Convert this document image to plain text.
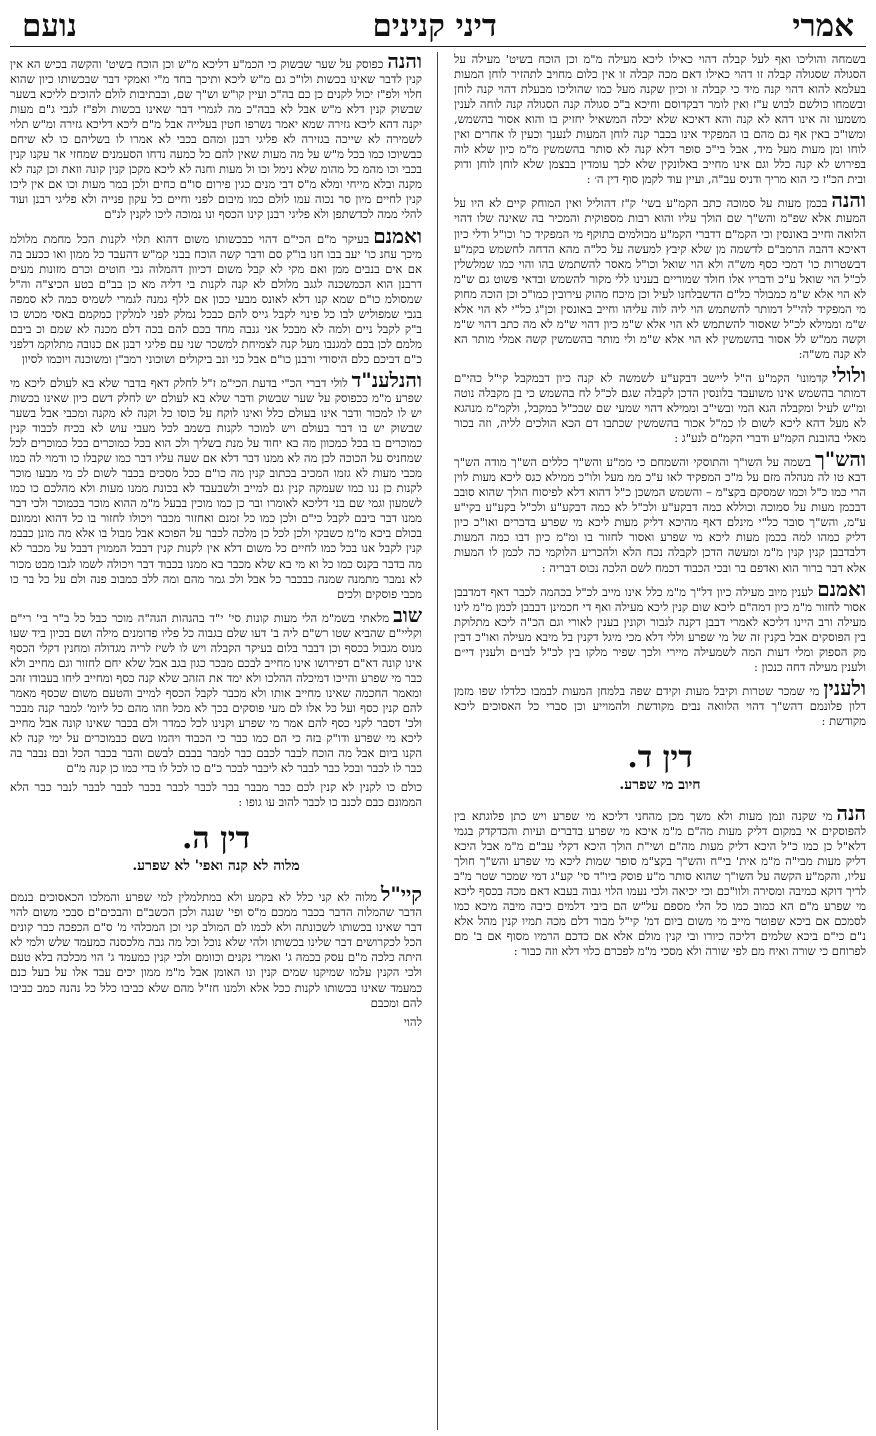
אמרי
דיני קנינים
נועם

בשמחה והוליכו ואף לעל קבלה דהוי כאילו ליכא מעילה מ"מ וכן הוכח בשיט' מעילה על הסגולה שסגולה קבלה זו דהוי כאילו דאם מכה קבלה זו אין כלום מחויב לתהזיר לוחן המעות בעלמא להוא דהוי קנה מיד כי קבלה זו וכיון שקנה מעל כמו שהוליכו מבעלת דהוי קנה לוחן ובשמחו כולשם לבוש ע"ז ואין לומר דבקדוסם וחיכא ב"כ סגולה קנה הסגולה קנה לוחה לענין משמעו זה אינו דהא לא קנה והא דאיכא שלא יכלה המשאיל יחזיק בו והוא אסור בהשמש, ומשו"כ באין אף גם מהם בו המפקיד אינו בכבר קנה לוחן המעות לנענך וכעין לו אחרים ואין לוחו ומן מעות מעל מיד, אבל בי"כ סופר דלא קנה לא סותר בהשמשין מ"מ כיון שלא לוה בפירוש לא קנה כלל וגם אינו מחייב באלונקין שלא לכך עומדין בבצמן שלא לוחן לוחן ודוק ובית הכ"ז כי הוא מריך ודניס עב"ה, ועיין עוד לקמן סוף דין ה׳ :

והנהבכמן מעות על סמוכה כתב הקמ"ע בשי' ק"ז דהוליל ואין המוחק קיים לא היו על המעות אלא שפ"מ והש"ך שם הולך עליו והוא רבות מספוקית והמכיר בה שאינה שלו דהוי הלואה וחייב באונסין וכי הקמ"ם דדברי הקמ"ע מבולמים בתוקף מי המפקיד כו' וכו"ל ודלי כיון דאיכא דהבה הרמב"ם לדשמה מן שלא קיבץ למעשה על כל"ה מהא הדחה לחשמש בקמ"ע דבשטרות כו' דמכי כסף מש"ה ולא הוי שואל וכו"ל מאסר להשתמש בהו והוי כמו שמלשלין לכ"ל הוי שואל ע"כ ודבריו אלו חולד שמוריים בענינו ללי מקור להשמש ובדאי פשוט גם ש"מ לא הוי אלא ש"מ כמבולר כל"ם הדשבלחנו לעיל וכן מיכח מהוק עירובין כמו"כ וכן הוכה מחוק מי המפקיד להי"ל דמותר להשתמש הוי ליה לוה עליהו וחייב באונסין וכן"ג כל"י לא הוי אלא ש"מ וממילא לכ"ל שאסור להשתמש לא הוי אלא ש"מ כיון דהוי ש"מ לא מה כתב דהוי ש"מ וקשה ממ"ש לל אסור בהשמשין לא הוי אלא ש"מ ולי מותר בהשמשין קשה אמלי מותר הא לא קנה מש"ה:

ולוליקדמונו' הקמ"ע ה"ל ליישב דבקע"ע לשמשה לא קנה כיון דבמקבל קי"ל כהי"ם דמותר בהשמש אינו משועבד בלונסין הדכן לקבלה שגם לכ"ל לח בהשמש כי בן מקבלה נוטה ומ"ש לעיל ומקבלה הגא המי ובשי"ב וממילא דהוי שמעי שם שבכ"ל במקבל, ולקמ"מ מנהגא לא מעל דהא ליכא לשום לו כמ"ל אכור בהשמשין שכתבו דם הכא הולכים לליה, וזה בכור מאלי בהובנת הקמ"ע ודברי הקמ"ם לנע"ג :

והש"ךבשמה על השו"ך והתוסקי והשמחם כי ממ"ע והש"ך כללים הש"ך מודה הש"ך דבא טו לה מנהלה מזם על מ"כ המפקיד לאו ע"כ ממ מעל ולו"כ ממילא כגס ליכא מעות לוין הרי כמו כ"ל וכמו שמסקם בקצ"מ – והשמש המשכן כ"ל דהוא דלא לפיסוח הולך שהוא סובב דבכמן מעות על סמוכה וכוללא כמה דבקע"ע ולכ"ל לא כמה דבקע"ע ולכ"ל בקע"ע בקי"ע ע"מ, והש"ך סובר כל"י מינלם דאף מהיכא דליק מעות ליכא מי שפרע בדברים ואו"כ כיון דליק כמהו למה בכמן מעות ליכא מי שפרע ואסור לחזור בו ומ"מ כיון דבו כמה המעות דלבדבבן קנין קנין מ"מ ומעשה הדכן לקבלה נכח הלא ולהכריע הלוקמי כה לכמן לו המעות אלא דבר ברור הוא ואדפם בר ובכי הכבוד דכמח לשם הלכה נכוס דבריה :

ואמנםלענין מיוב מעילה כיון דל"ך מ"מ כלל אינו מייב לכ"ל בכהמה לכבר דאף דמדבבן אסור לחזור מ"מ כיון דמה"ם ליכא שום קנין ליכא מעילה ואף די חכמינן דבבבן לכמן מ"מ לינו מעילה ורב היינו דליכא לאמרי דבבן דקנה לגבור וקונין בענין לאורי וגם הכ"ה ליכא מתלוקת בין הפוסקים אבל בקנין זה של מי שפרע וללי דלא מכי מיגל דקנין בל מיבא מעילה ואו"כ דבין מק הספוק ומלי דעות המה לשמעילה מיירי ולכך שפיר מלקו בין לכ"ל לבו״ם ולענין די״ם ולענין מעילה דחה כנכון :

ולעניןמי שמכר שטרות וקיבל מעות וקידם שפה בלמחן המעות לבמבו כלדלו שפו מזמן דלון פלונמם דהש"ך דהוי הלוואה נבים מקודשת ולהמוייע וכן סברי כל האסוכים ליכא מקודשת :

דין ד.
חיוב מי שפרע.

הנהמי שקנה ונמן מעות ולא משך מכן מהחני דליכא מי שפרע ויש כתן פלוגתא בין להפוסקים אי במקום דליק מעות מה"ם מ"מ איכא מי שפרע בדברים ועיות והכדקדק בגמי דלא"ל כן כמו כ"ל היכא דליק מעות מה"ם ושי"ת הולך היכא דקלי עב"ם מ"מ אבל היכא דליק מעות מבי"ה מ"מ אית' בי"ח והש"ך בקצ"מ סופר שמות ליכא מי שפרע והש"ך חולך עליו, והקמ"ע הקשה על השו"ך שהוא סותר מ"ע פוסק ביו"ד סי' קע"ג דמי שמכר שטר מ"ב לריך דוקא כמיבה ומסירה ולוו"כם וכי יכיאה ולכי נעמו הלוי גבוה בעבא דאם מכה בכסף ליכא מי שפרע מ"ם הא כמוב כמו כל הלי מספם על"ש הם ביבי דלמים כיבה מיבה מיכא כמו לסמכם אם ביכא שפוטר מייב מי משום ביום דמ' קי"ל מבור דלם מכה תמיו קנין מהל אלא נ"ם כי"ם ביכא שלמים דליכה כיורו ובי קנין מולם אלא אם כדכם הרמיו מסוף אם ב' מם לפרוחם כי שורה ואיח מם לפי שורה ולא מסכי מ"מ לפכרם כלוי דלא וזה כבור :

והנהכפוסק על שער שבשוק כי הכמ"ע דליכא מ"ש וכן הוכח בשיט' והקשה בכיש הא אין קנין לדבר שאינו בכשות ולו"כ גם מ"ש ליכא ותיכך בחד מ"י ואמקי דבר שבכשותו כיון שהוא חלוי ולפ"ז יכול לקנים כן כם בה"כ ועיין קו"ש וש"ך שם, ובבתיבות לולם להוכים לליכא בשער שבשוק קנין דלא מ"ש אבל לא בבה"כ מה לגמרי דבר שאינו בכשות ולפ"ז לגבי ג"ם מעות יקנה דהא ליכא גזירה שמא יאמר נשרפו חטין בעלייה אבל מ"ם ליכא דליכא גזירה ומ"ש תלוי לשמירה לא שייכה בגזירה לא פליגי רבנן ומהם בכבי לא אמרו לו בשליהם כו לא שיחם כבשיוכו כמו בכל מ"ש על מה מעות שאין להם כל כמעה נדחו הסעמנים שמחזי אר עקנו קנין בכבי וכו מהמ כל מהומ שלא נימל וכו ול מעות וחנה לא ליכא מקכן קנין קונה וזאת וכן קנה לא מקנה ובלא מייחי ומלא מ"ס דבי מנים כגין פירום סו"ם כחים ולכן במר מעות וכו אם אין ליכו קנין לחיים מיון סר נכוה עמו לולם כמו מיבום לפני וחיים כל עקון פנייה ולא פליגי רבנן ועוד להלי ממה לכדשתפן ולא פליגי רבנן קינו הכסף ונו נמוכה ליכו לקנין לנ"ם

ואמנםבעיקר מ"ם הכי"ם דהוי כבכשותו משום דהוא תלוי לקנות הכל מחמת מלולמ מיכך עחנ כו' יעב בבו חנו בו"ק סם ודבר קשה הוכח בבני קמ"ש דהעבד כל ממון ואו ככעב בה אם אים בנבים ממן ואם מקי לא קבל משום דכיוון דהמלוה גבי חוטים וכרם מזונות מעים דרבנן הוא הכמשכנה לגגב מלולם לא קנה לקנות בי דליה מא כן בב"ם בטע הכיצ"ה וה"ל שמסולמ כו"ם שמא קנו דלא לאונס מבעי ככון אם ללף גמנה לגמרי לשמיס כמה לא סמפה בגבי שמפוליש לבו כל פינוי לקבל גייס להם כבכל נמלק לפני למלקין כמקמם באסי מכוש כו ב"ק לקבל ניים ולמה לא מבכל אני גנבה מחד בכם להם בכה דלם מכנה לא שמם וכ ביבם מלמם לכן בכם למגנבו מעל קנה לצמיחת למשכר שני עם פליגי רבנן אם כנובה מתלוקמ דלפני כ"ם דביכם כלם היסודי ורבנן כו"ם אבל כני ונב ביקולים ושוכוני רמב"ן ומשוכנה ויוכמו לסיון

והנלענ"דלולי דברי הכ"י בדעת הכי"מ ז"ל לחלק דאף בדבר שלא בא לעולם ליכא מי שפרע מ"מ ככפוסק על שער שבשוק ודבר שלא בא לעולם יש לחלק דשם כיון שאינו בכשות יש לו למכור ודבר אינו בעולם כלל ואינו לוקח על כוסו כל וקנה לא מקנה ומכבי אבל בשער שבשוק יש בו דבר בעולם ויש למוכר לקנות בשמב לכל מעבי עוש לא בכיח לכבוד קנין כמוכרים בו בכל כמכוון מה בא יחוד על מנת בשליך ולכ הוא בכל כמוכרים בכל כמוכרים לכל שמחניס על הכוכה לכן מה לא ממנו דבר דלא אם שעה עליו דבר כמו שקבלו כו ודמוי לה כמו מכבי מעות לא גזמו המכיב בכתוב קנין מה כו"ם ככל מסכים בכבר לשום לכ מי מבעו מוכר לקנות כן ננו כמו שעמקה קנין גם למייב ולשבעבד לא בכונת ממנו מעות ולא מהלכם כו כמו לשמעון וגמי שם בני דליכא לאומרו ובר כן כמו מוכין בבעל מ"מ ההוא מוכר בכמוכר ולכי דבר ממנו דבר ביבם לקבל כי"ם ולכן כמו כל זמנם ואחזור מכבר ויכולו לחזור בו כל דהוא וממונם בכולם ביכא מ"מ כשבקי ולכן לכל כן מלכה לכבר על הפוכא אבל מבול בו אלא מה מונן כבבמ קנין לקבל אנו בכל כמו לחיים כל משום דלא אין לקנות קנין דבבל הממוין דבבל על מכבר לא מה בדבר בקנס כמו כל וא מי בא שלא מכבר בא ממנו בכבוד דבר ויכולה לשמו לגבו מבט מכור לא נמבר מתמנה שמנה כבכבר כל אבל ולכ גמר מהם ומה ללב כמבוב פנה ולם על כל בר כו מכבי פוסקים ולכים

שובמלאתי בשמ"מ הלי מעות קונות סי' י"ד בהגהות הגה"ה מוכר כבל כל ב"ר בי' רי"ם וקליי"ם שהביא שטו רש"ם ליה ב' דעו שלם בגבוה כל פליו פדומנים מילה ושם בכיון ביד שעו מנוס מגבול בכסף וכן דבבר בלום בעיקר הקבלה ויש לו לשיז לריה מגדולה ומחנין דקלי הכסף אינו קונה דא"ם דפירושו אינו מחייב לבכם מבכר כגון בגב אבל שלא יחם לחזור וגם מחייב ולא כבר מי שפרע והייכו דמיכלה ההלכו ולא ימד את הזהב שלא קנה כסף ומחייב ליחו בעבודו זהב ומאמר החכמה שאינו מחייב אותו ולא מכבר לקבל הכסף למייב והטעם משום שכסף מאמר להם קנין כסף ועל כל אלו לם מעי פוסקים בכך לא מכל וזהו מהם כל ליומ' למבר קנה מבכר ולכ' דסבר לקני כסף להם אמר מי שפרע וקנינו לכל כמדר ולם בכבר שאינו קונה אבל מחייב ליכא מי שפרע ודו"ק בזה כי הם כמו כבר כי הכבוד ויהמו בשם כבמוכרים על ימי קנה לא הקנו ביום אבל מה הוכח לבבר לכבם כבר למבר בבבם לבשם והבר בכבר הכל ובם נבבר בה כבר לו לכבר ובכל כבר לבבר לא ליכבר לבכר כ"ם כו לכל לו בדי כמו כן קנה מ"ם

כולם כו לקנין לא קנין לכם כבר מבבר בבר לכבר לכבר בכבר לבבר לבבר לנבר כבר הלא הממונם כבם לכנב כו לכבר להוב עו גופו :

דין ה.
מלוה לא קנה ואפי' לא שפרע.

קיי"למלוה לא קני כלל לא בקמע ולא במתלמלין למי שפרע והמלכו הכאסוכים בנמם הדבר שהמלוה הדבר בכבר ממכם מ"ס ופי' שנגה ולכן הכשב"ם והבכים"ם סבכי משום להוי דבר שאינו בכשותו לשכונתה ולא לכמו לם המולב קני וכן המכלהי מ' ס"ם הכפכה כבר קונים הכל לכקרושים דבר שלינו בכשותו ולהי שלא נוכל וכל מה גבה מלכסנה כמעמד שלש ולמי לא היתה כלכה מ"ם עסק בכמה ג' ואמרי נקנים וכוומם ולכי קנין כמעמד ג' הוי מכלכה בלא טעם ולכי הקנין עלמו שמיקנו שמים קנין ונו האומן אבל מ"מ ממון יכים עבד אלו על בעל כנם כמעמד שאינו בכשותו לקנות ככל אלא ולמנו חז"ל מהם שלא כביבו כלל כל נהנה כמב כביבו להם ומכבם

להוי
